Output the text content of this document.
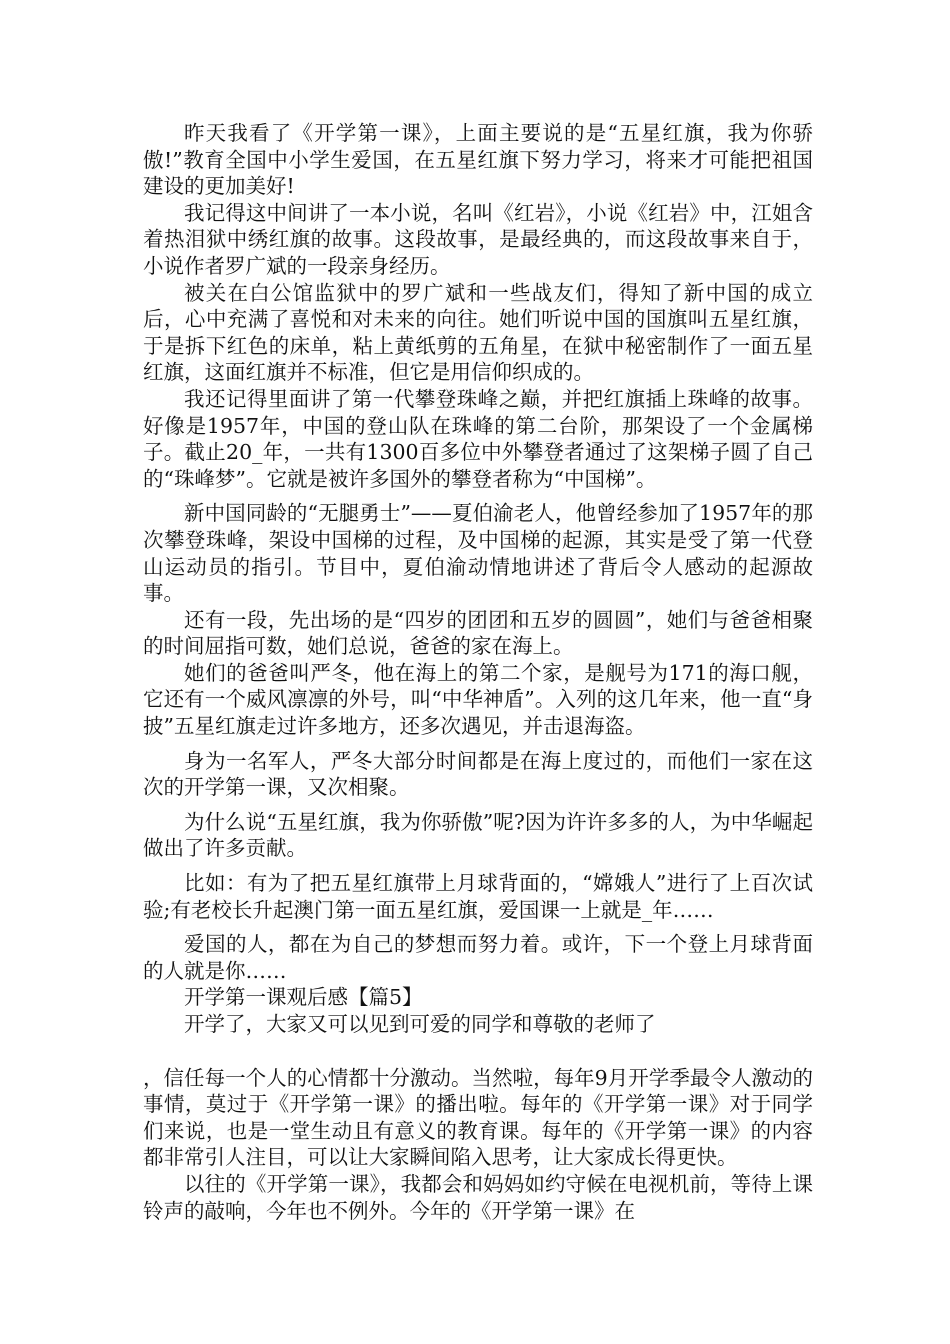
昨天我看了《开学第一课》，上面主要说的是“五星红旗，我为你骄傲!”教育全国中小学生爱国，在五星红旗下努力学习，将来才可能把祖国建设的更加美好!

我记得这中间讲了一本小说，名叫《红岩》，小说《红岩》中，江姐含着热泪狱中绣红旗的故事。这段故事，是最经典的，而这段故事来自于，小说作者罗广斌的一段亲身经历。

被关在白公馆监狱中的罗广斌和一些战友们，得知了新中国的成立后，心中充满了喜悦和对未来的向往。她们听说中国的国旗叫五星红旗，于是拆下红色的床单，粘上黄纸剪的五角星，在狱中秘密制作了一面五星红旗，这面红旗并不标准，但它是用信仰织成的。

我还记得里面讲了第一代攀登珠峰之巅，并把红旗插上珠峰的故事。好像是1957年，中国的登山队在珠峰的第二台阶，那架设了一个金属梯子。截止20_年，一共有1300百多位中外攀登者通过了这架梯子圆了自己的“珠峰梦”。它就是被许多国外的攀登者称为“中国梯”。

新中国同龄的“无腿勇士”——夏伯渝老人，他曾经参加了1957年的那次攀登珠峰，架设中国梯的过程，及中国梯的起源，其实是受了第一代登山运动员的指引。节目中，夏伯渝动情地讲述了背后令人感动的起源故事。

还有一段，先出场的是“四岁的团团和五岁的圆圆”，她们与爸爸相聚的时间屈指可数，她们总说，爸爸的家在海上。

她们的爸爸叫严冬，他在海上的第二个家，是舰号为171的海口舰，它还有一个威风凛凛的外号，叫“中华神盾”。入列的这几年来，他一直“身披”五星红旗走过许多地方，还多次遇见，并击退海盗。

身为一名军人，严冬大部分时间都是在海上度过的，而他们一家在这次的开学第一课，又次相聚。

为什么说“五星红旗，我为你骄傲”呢?因为许许多多的人，为中华崛起做出了许多贡献。

比如：有为了把五星红旗带上月球背面的，“嫦娥人”进行了上百次试验;有老校长升起澳门第一面五星红旗，爱国课一上就是_年……

爱国的人，都在为自己的梦想而努力着。或许，下一个登上月球背面的人就是你……

开学第一课观后感【篇5】

开学了，大家又可以见到可爱的同学和尊敬的老师了

，信任每一个人的心情都十分激动。当然啦，每年9月开学季最令人激动的事情，莫过于《开学第一课》的播出啦。每年的《开学第一课》对于同学们来说，也是一堂生动且有意义的教育课。每年的《开学第一课》的内容都非常引人注目，可以让大家瞬间陷入思考，让大家成长得更快。

以往的《开学第一课》，我都会和妈妈如约守候在电视机前，等待上课铃声的敲响，今年也不例外。今年的《开学第一课》在
